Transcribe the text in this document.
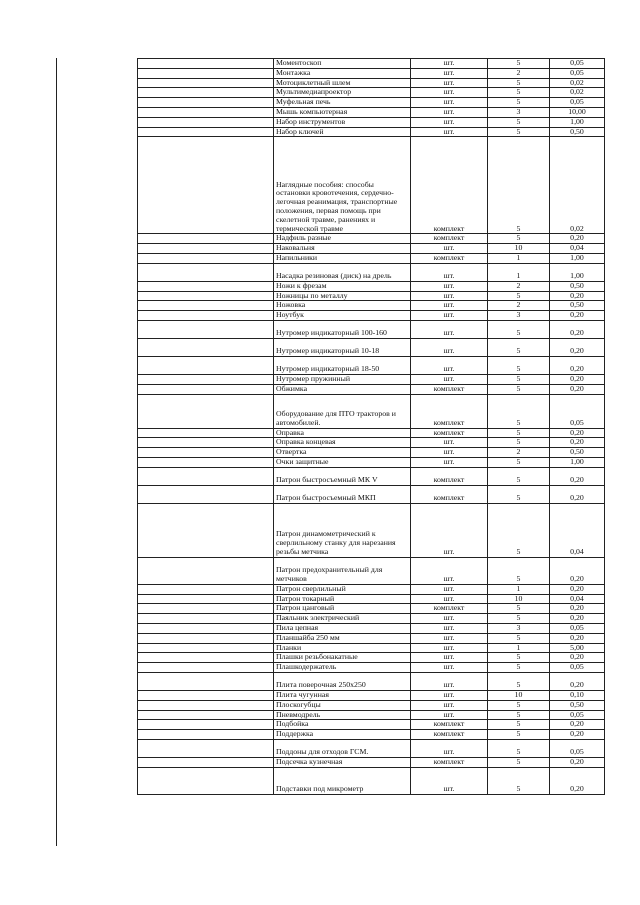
	Моментоскоп	шт.	5	0,05
	Монтажка	шт.	2	0,05
	Мотоциклетный шлем	шт.	5	0,02
	Мультимедиапроектор	шт.	5	0,02
	Муфельная печь	шт.	5	0,05
	Мышь компьютерная	шт.	3	10,00
	Набор инструментов	шт.	5	1,00
	Набор ключей	шт.	5	0,50
	Наглядные пособия: способы остановки кровотечения, сердечно-легочная реанимация, транспортные положения, первая помощь при скелетной травме, ранениях и термической травме	комплект	5	0,02
	Надфиль разные	комплект	5	0,20
	Наковальня	шт.	10	0,04
	Напильники	комплект	1	1,00
	Насадка резиновая (диск) на дрель	шт.	1	1,00
	Ножи к фрезам	шт.	2	0,50
	Ножницы по металлу	шт.	5	0,20
	Ножовка	шт.	2	0,50
	Ноутбук	шт.	3	0,20
	Нутромер индикаторный 100-160	шт.	5	0,20
	Нутромер индикаторный 10-18	шт.	5	0,20
	Нутромер индикаторный 18-50	шт.	5	0,20
	Нутромер пружинный	шт.	5	0,20
	Обжимка	комплект	5	0,20
	Оборудование для ПТО тракторов и автомобилей.	комплект	5	0,05
	Оправка	комплект	5	0,20
	Оправка концевая	шт.	5	0,20
	Отвертка	шт.	2	0,50
	Очки защитные	шт.	5	1,00
	Патрон быстросъемный МК V	комплект	5	0,20
	Патрон быстросъемный МКП	комплект	5	0,20
	Патрон динамометрический к сверлильному станку для нарезания резьбы метчика	шт.	5	0,04
	Патрон предохранительный для метчиков	шт.	5	0,20
	Патрон сверлильный	шт.	1	0,20
	Патрон токарный	шт.	10	0,04
	Патрон цанговый	комплект	5	0,20
	Паяльник электрический	шт.	5	0,20
	Пила цепная	шт.	3	0,05
	Планшайба 250 мм	шт.	5	0,20
	Планки	шт.	1	5,00
	Плашки резьбонакатные	шт.	5	0,20
	Плашкодержатель	шт.	5	0,05
	Плита поверочная 250х250	шт.	5	0,20
	Плита чугунная	шт.	10	0,10
	Плоскогубцы	шт.	5	0,50
	Пневмодрель	шт.	5	0,05
	Подбойка	комплект	5	0,20
	Поддержка	комплект	5	0,20
	Поддоны для отходов ГСМ.	шт.	5	0,05
	Подсечка кузнечная	комплект	5	0,20
	Подставки под микрометр	шт.	5	0,20
